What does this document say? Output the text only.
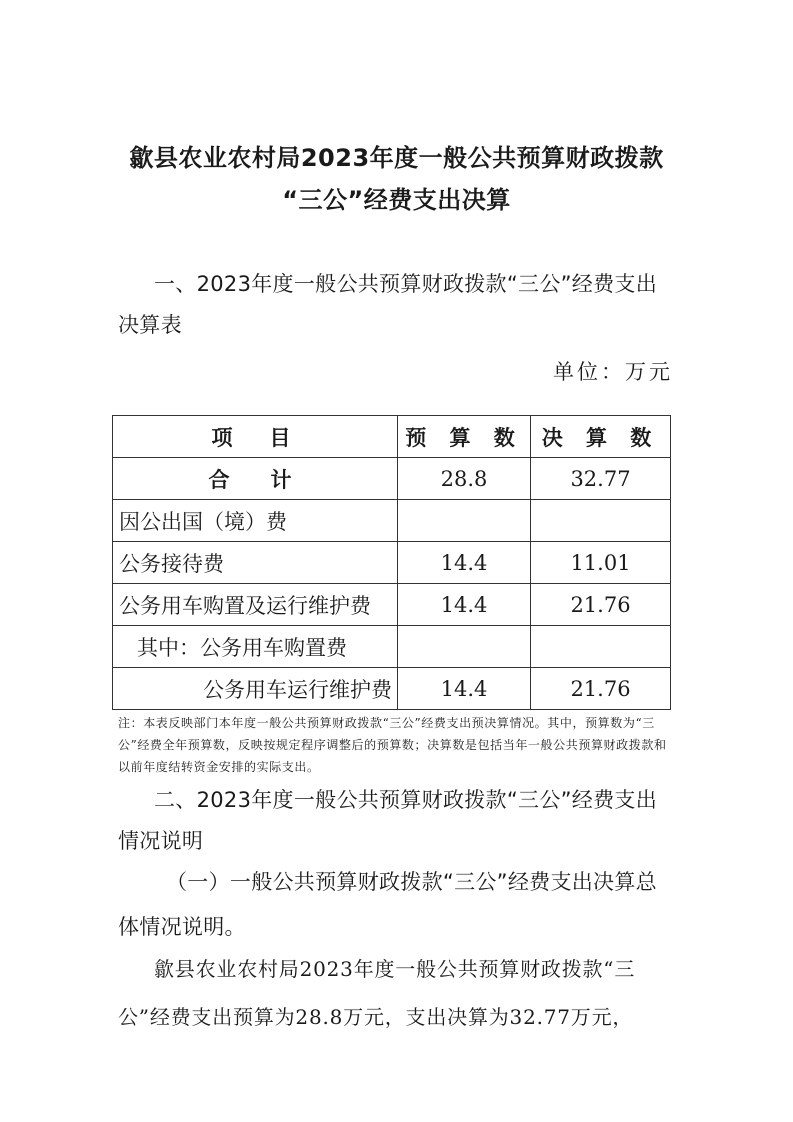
歙县农业农村局2023年度一般公共预算财政拨款
“三公”经费支出决算
一、2023年度一般公共预算财政拨款“三公”经费支出决算表
单位：万元
项　目	预 算 数	决 算 数
合　计	28.8	32.77
因公出国（境）费		
公务接待费	14.4	11.01
公务用车购置及运行维护费	14.4	21.76
其中：公务用车购置费		
公务用车运行维护费	14.4	21.76
注：本表反映部门本年度一般公共预算财政拨款“三公”经费支出预决算情况。其中，预算数为“三公”经费全年预算数，反映按规定程序调整后的预算数；决算数是包括当年一般公共预算财政拨款和以前年度结转资金安排的实际支出。
二、2023年度一般公共预算财政拨款“三公”经费支出情况说明
（一）一般公共预算财政拨款“三公”经费支出决算总体情况说明。
歙县农业农村局2023年度一般公共预算财政拨款“三公”经费支出预算为28.8万元，支出决算为32.77万元，
